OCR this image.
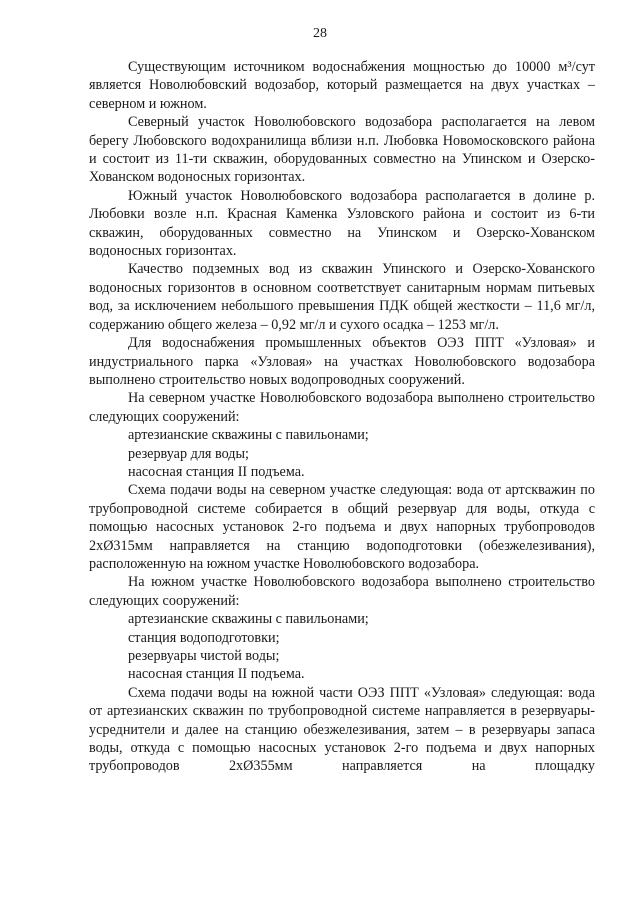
28

Существующим источником водоснабжения мощностью до 10000 м³/сут является Новолюбовский водозабор, который размещается на двух участках – северном и южном.

Северный участок Новолюбовского водозабора располагается на левом берегу Любовского водохранилища вблизи н.п. Любовка Новомосковского района и состоит из 11-ти скважин, оборудованных совместно на Упинском и Озерско-Хованском водоносных горизонтах.

Южный участок Новолюбовского водозабора располагается в долине р. Любовки возле н.п. Красная Каменка Узловского района и состоит из 6-ти скважин, оборудованных совместно на Упинском и Озерско-Хованском водоносных горизонтах.

Качество подземных вод из скважин Упинского и Озерско-Хованского водоносных горизонтов в основном соответствует санитарным нормам питьевых вод, за исключением небольшого превышения ПДК общей жесткости – 11,6 мг/л, содержанию общего железа – 0,92 мг/л и сухого осадка – 1253 мг/л.

Для водоснабжения промышленных объектов ОЭЗ ППТ «Узловая» и индустриального парка «Узловая» на участках Новолюбовского водозабора выполнено строительство новых водопроводных сооружений.

На северном участке Новолюбовского водозабора выполнено строительство следующих сооружений:

артезианские скважины с павильонами;

резервуар для воды;

насосная станция II подъема.

Схема подачи воды на северном участке следующая: вода от артскважин по трубопроводной системе собирается в общий резервуар для воды, откуда с помощью насосных установок 2-го подъема и двух напорных трубопроводов 2хØ315мм направляется на станцию водоподготовки (обезжелезивания), расположенную на южном участке Новолюбовского водозабора.

На южном участке Новолюбовского водозабора выполнено строительство следующих сооружений:

артезианские скважины с павильонами;

станция водоподготовки;

резервуары чистой воды;

насосная станция II подъема.

Схема подачи воды на южной части ОЭЗ ППТ «Узловая» следующая: вода от артезианских скважин по трубопроводной системе направляется в резервуары-усреднители и далее на станцию обезжелезивания, затем – в резервуары запаса воды, откуда с помощью насосных установок 2-го подъема и двух напорных трубопроводов 2хØ355мм направляется на площадку
